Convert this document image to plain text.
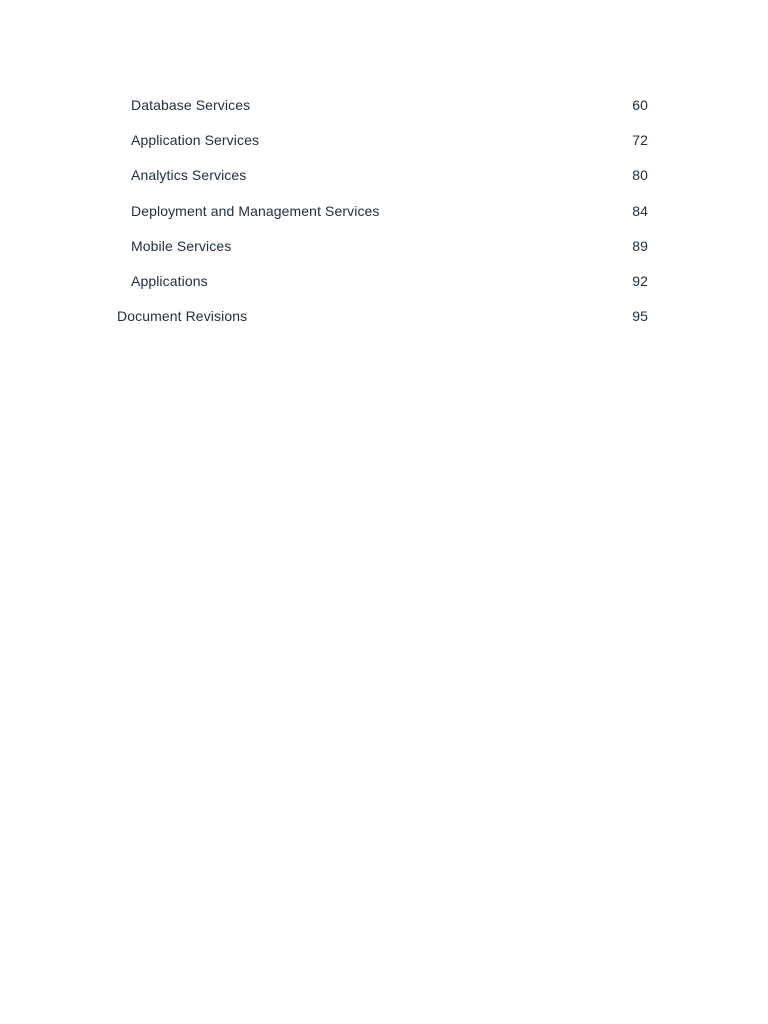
Database Services	60
Application Services	72
Analytics Services	80
Deployment and Management Services	84
Mobile Services	89
Applications	92
Document Revisions	95
